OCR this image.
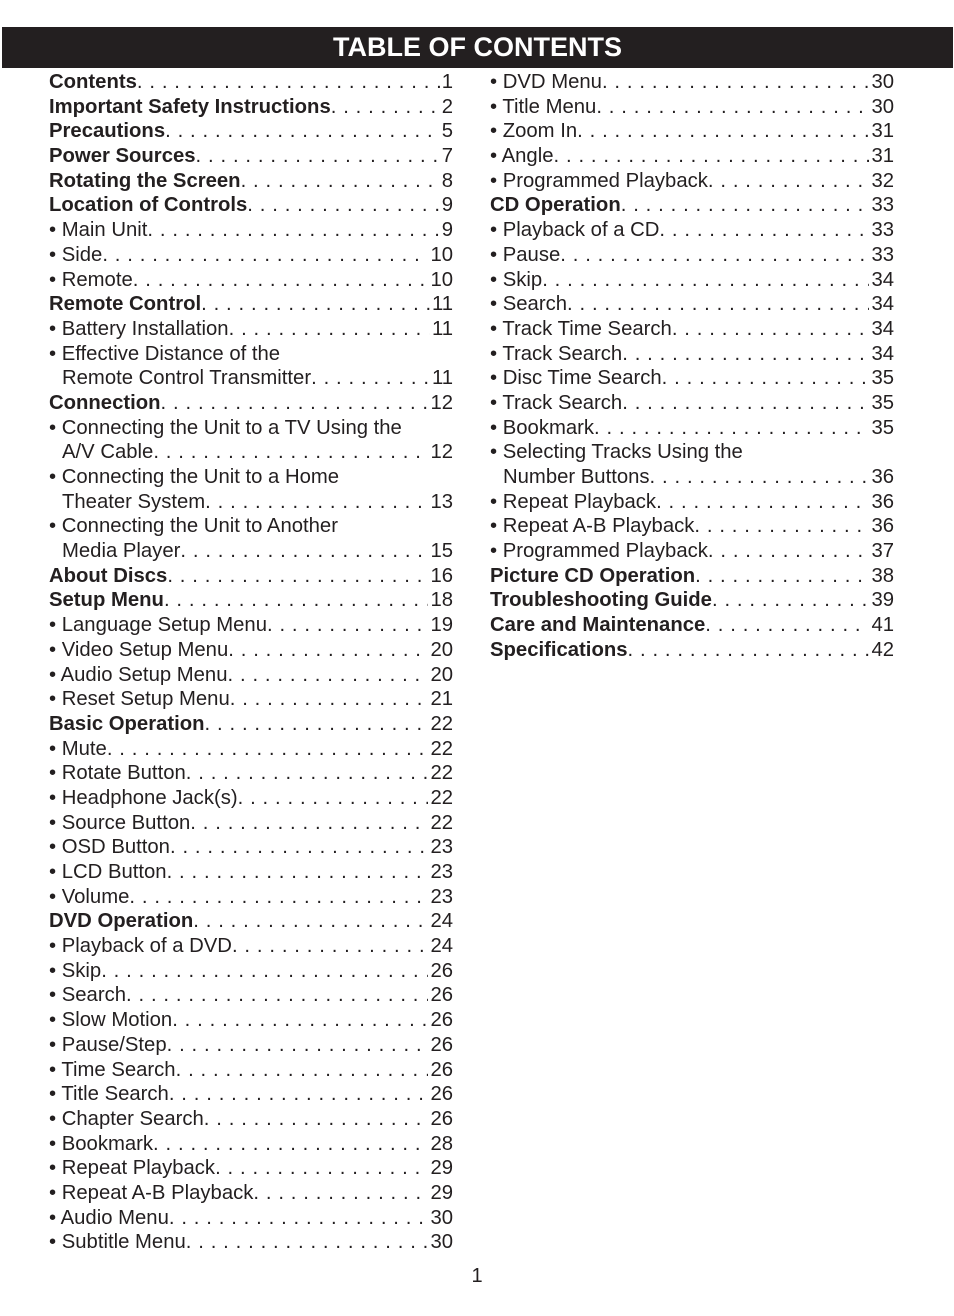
TABLE OF CONTENTS
Contents . . .	1
Important Safety Instructions . . .	2
Precautions . . .	5
Power Sources . . .	7
Rotating the Screen . . .	8
Location of Controls . . .	9
• Main Unit . . .	9
• Side . . .	10
• Remote . . .	10
Remote Control . . .	11
• Battery Installation . . .	11
• Effective Distance of the
Remote Control Transmitter . . .	11
Connection . . .	12
• Connecting the Unit to a TV Using the
A/V Cable . . .	12
• Connecting the Unit to a Home
Theater System . . .	13
• Connecting the Unit to Another
Media Player . . .	15
About Discs . . .	16
Setup Menu . . .	18
• Language Setup Menu . . .	19
• Video Setup Menu . . .	20
• Audio Setup Menu . . .	20
• Reset Setup Menu . . .	21
Basic Operation . . .	22
• Mute . . .	22
• Rotate Button . . .	22
• Headphone Jack(s) . . .	22
• Source Button . . .	22
• OSD Button . . .	23
• LCD Button . . .	23
• Volume . . .	23
DVD Operation . . .	24
• Playback of a DVD . . .	24
• Skip . . .	26
• Search . . .	26
• Slow Motion . . .	26
• Pause/Step . . .	26
• Time Search . . .	26
• Title Search . . .	26
• Chapter Search . . .	26
• Bookmark . . .	28
• Repeat Playback . . .	29
• Repeat A-B Playback . . .	29
• Audio Menu . . .	30
• Subtitle Menu . . .	30
• DVD Menu . . .	30
• Title Menu . . .	30
• Zoom In . . .	31
• Angle . . .	31
• Programmed Playback . . .	32
CD Operation . . .	33
• Playback of a CD . . .	33
• Pause . . .	33
• Skip . . .	34
• Search . . .	34
• Track Time Search . . .	34
• Track Search . . .	34
• Disc Time Search . . .	35
• Track Search . . .	35
• Bookmark . . .	35
• Selecting Tracks Using the
Number Buttons . . .	36
• Repeat Playback . . .	36
• Repeat A-B Playback . . .	36
• Programmed Playback . . .	37
Picture CD Operation . . .	38
Troubleshooting Guide . . .	39
Care and Maintenance . . .	41
Specifications . . .	42
1
